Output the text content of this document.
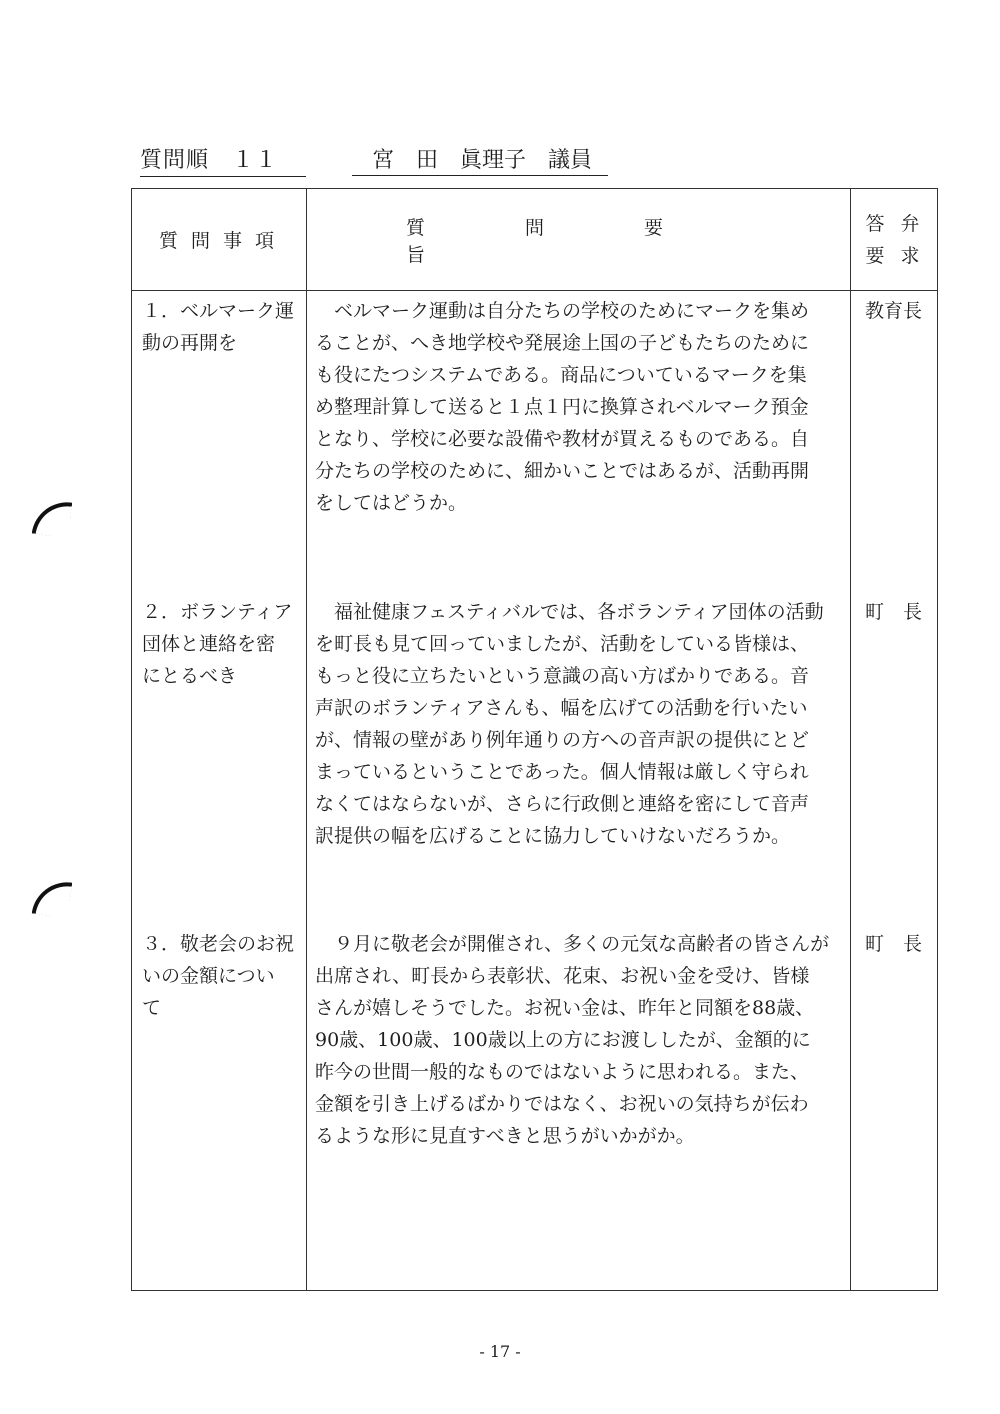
質問順　１１	宮　田　眞理子　議員
質問事項
質問要旨
答弁
要求
１．ベルマーク運
動の再開を
　ベルマーク運動は自分たちの学校のためにマークを集め
ることが、へき地学校や発展途上国の子どもたちのために
も役にたつシステムである。商品についているマークを集
め整理計算して送ると１点１円に換算されベルマーク預金
となり、学校に必要な設備や教材が買えるものである。自
分たちの学校のために、細かいことではあるが、活動再開
をしてはどうか。
教育長
２．ボランティア
団体と連絡を密
にとるべき
　福祉健康フェスティバルでは、各ボランティア団体の活動
を町長も見て回っていましたが、活動をしている皆様は、
もっと役に立ちたいという意識の高い方ばかりである。音
声訳のボランティアさんも、幅を広げての活動を行いたい
が、情報の壁があり例年通りの方への音声訳の提供にとど
まっているということであった。個人情報は厳しく守られ
なくてはならないが、さらに行政側と連絡を密にして音声
訳提供の幅を広げることに協力していけないだろうか。
町　長
３．敬老会のお祝
いの金額につい
て
　９月に敬老会が開催され、多くの元気な高齢者の皆さんが
出席され、町長から表彰状、花束、お祝い金を受け、皆様
さんが嬉しそうでした。お祝い金は、昨年と同額を88歳、
90歳、100歳、100歳以上の方にお渡ししたが、金額的に
昨今の世間一般的なものではないように思われる。また、
金額を引き上げるばかりではなく、お祝いの気持ちが伝わ
るような形に見直すべきと思うがいかがか。
町　長
- 17 -
